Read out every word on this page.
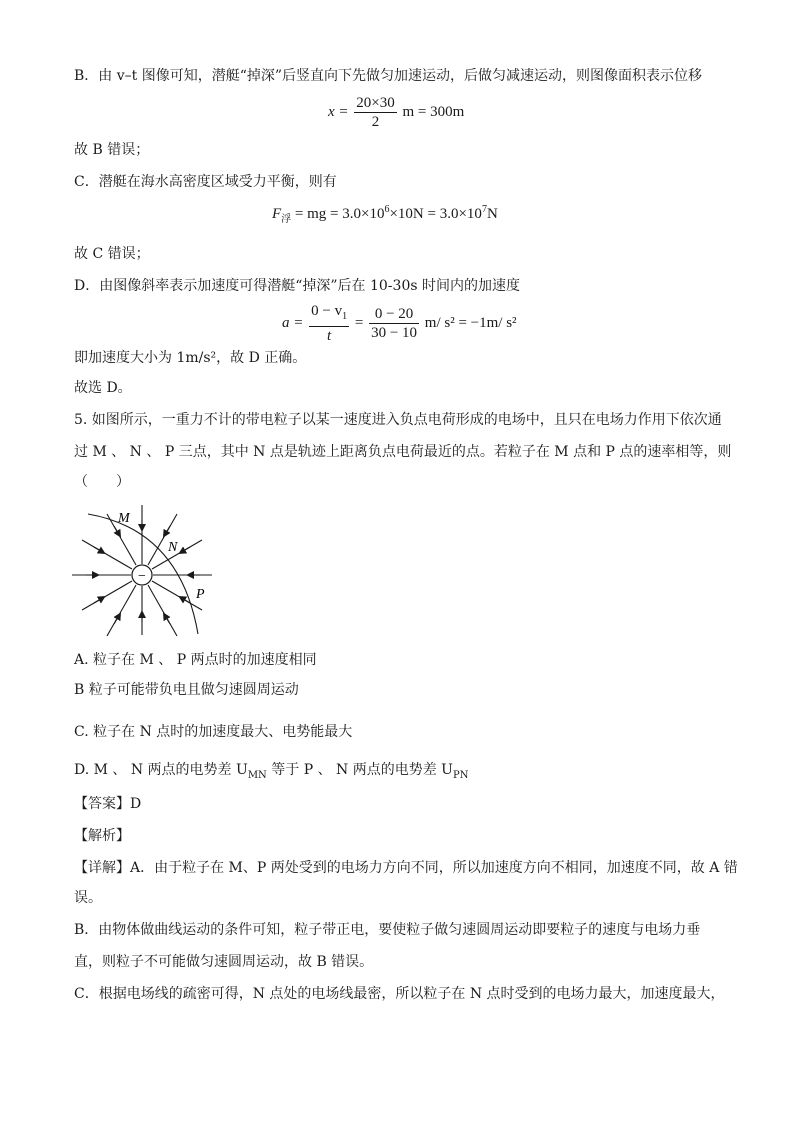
B．由 v–t 图像可知，潜艇“掉深”后竖直向下先做匀加速运动，后做匀减速运动，则图像面积表示位移
$x = \frac{20\times 30}{2}$ m = 300m
故 B 错误；
C．潜艇在海水高密度区域受力平衡，则有
$F_浮$ = mg = $3.0\times 10^6\times 10N = 3.0\times 10^7N$
故 C 错误；
D．由图像斜率表示加速度可得潜艇“掉深”后在 10-30s 时间内的加速度
$a = \frac{0 - v_1}{t} = \frac{0 - 20}{30 - 10} m/$ s² = −1m/ s²
即加速度大小为 1m/s²，故 D 正确。
故选 D。
5. 如图所示，一重力不计的带电粒子以某一速度进入负点电荷形成的电场中，且只在电场力作用下依次通
过 M 、 N 、 P 三点，其中 N 点是轨迹上距离负点电荷最近的点。若粒子在 M 点和 P 点的速率相等，则
（　　）
−
M
N
P
A. 粒子在 M 、 P 两点时的加速度相同
B 粒子可能带负电且做匀速圆周运动
C. 粒子在 N 点时的加速度最大、电势能最大
D. M 、 N 两点的电势差 $U_{MN}$ 等于 P 、 N 两点的电势差 $U_{PN}$
【答案】D
【解析】
【详解】A．由于粒子在 M、P 两处受到的电场力方向不同，所以加速度方向不相同，加速度不同，故 A 错
误。
B．由物体做曲线运动的条件可知，粒子带正电，要使粒子做匀速圆周运动即要粒子的速度与电场力垂
直，则粒子不可能做匀速圆周运动，故 B 错误。
C．根据电场线的疏密可得，N 点处的电场线最密，所以粒子在 N 点时受到的电场力最大，加速度最大，
